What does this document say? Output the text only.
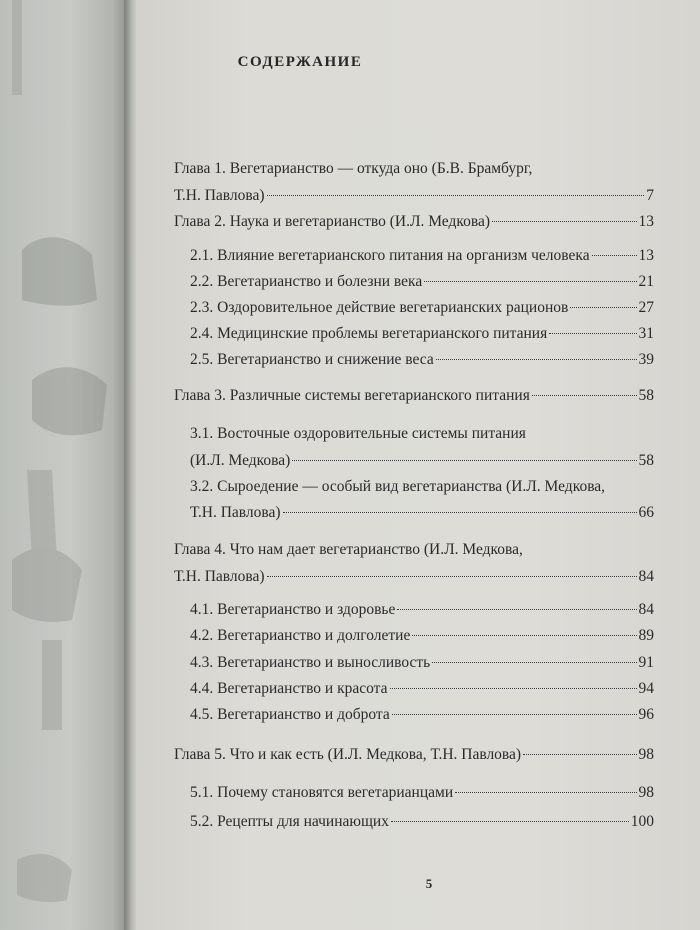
СОДЕРЖАНИЕ
Глава 1. Вегетарианство — откуда оно (Б.В. Брамбург,
Т.Н. Павлова)	7
Глава 2. Наука и вегетарианство (И.Л. Медкова)	13
2.1. Влияние вегетарианского питания на организм человека	13
2.2. Вегетарианство и болезни века	21
2.3. Оздоровительное действие вегетарианских рационов	27
2.4. Медицинские проблемы вегетарианского питания	31
2.5. Вегетарианство и снижение веса	39
Глава 3. Различные системы вегетарианского питания	58
3.1. Восточные оздоровительные системы питания
(И.Л. Медкова)	58
3.2. Сыроедение — особый вид вегетарианства (И.Л. Медкова,
Т.Н. Павлова)	66
Глава 4. Что нам дает вегетарианство (И.Л. Медкова,
Т.Н. Павлова)	84
4.1. Вегетарианство и здоровье	84
4.2. Вегетарианство и долголетие	89
4.3. Вегетарианство и выносливость	91
4.4. Вегетарианство и красота	94
4.5. Вегетарианство и доброта	96
Глава 5. Что и как есть (И.Л. Медкова, Т.Н. Павлова)	98
5.1. Почему становятся вегетарианцами	98
5.2. Рецепты для начинающих	100
5
